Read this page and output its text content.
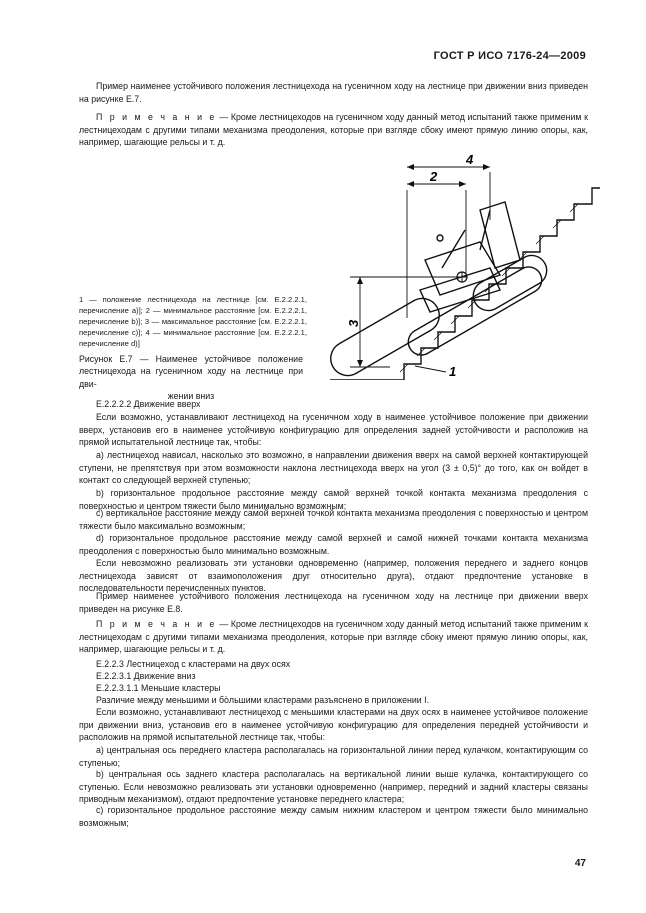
ГОСТ Р ИСО 7176-24—2009

Пример наименее устойчивого положения лестницехода на гусеничном ходу на лестнице при движении вниз приведен на рисунке Е.7.

П р и м е ч а н и е — Кроме лестницеходов на гусеничном ходу данный метод испытаний также применим к лестницеходам с другими типами механизма преодоления, которые при взгляде сбоку имеют прямую линию опоры, как, например, шагающие рельсы и т. д.

2
4
3
1
1 — положение лестницехода на лестнице [см. Е.2.2.2.1, перечисление а)]; 2 — минимальное расстояние [см. Е.2.2.2.1, перечисление b)]; 3 — максимальное расстояние [см. Е.2.2.2.1, перечисление с)]; 4 — минимальное расстояние [см. Е.2.2.2.1, перечисление d)]
Рисунок Е.7 — Наименее устойчивое положение лестницехода на гусеничном ходу на лестнице при дви-
жении вниз

Е.2.2.2.2 Движение вверх

Если возможно, устанавливают лестницеход на гусеничном ходу в наименее устойчивое положение при движении вверх, установив его в наименее устойчивую конфигурацию для определения задней устойчивости и расположив на прямой испытательной лестнице так, чтобы:

а) лестницеход нависал, насколько это возможно, в направлении движения вверх на самой верхней контактирующей ступени, не препятствуя при этом возможности наклона лестницехода вверх на угол (3 ± 0,5)° до того, как он войдет в контакт со следующей верхней ступенью;

b) горизонтальное продольное расстояние между самой верхней точкой контакта механизма преодоления с поверхностью и центром тяжести было минимально возможным;

с) вертикальное расстояние между самой верхней точкой контакта механизма преодоления с поверхностью и центром тяжести было максимально возможным;

d) горизонтальное продольное расстояние между самой верхней и самой нижней точками контакта механизма преодоления с поверхностью было минимально возможным.

Если невозможно реализовать эти установки одновременно (например, положения переднего и заднего концов лестницехода зависят от взаимоположения друг относительно друга), отдают предпочтение установке в последовательности перечисленных пунктов.

Пример наименее устойчивого положения лестницехода на гусеничном ходу на лестнице при движении вверх приведен на рисунке Е.8.

П р и м е ч а н и е — Кроме лестницеходов на гусеничном ходу данный метод испытаний также применим к лестницеходам с другими типами механизма преодоления, которые при взгляде сбоку имеют прямую линию опоры, как, например, шагающие рельсы и т. д.

Е.2.2.3 Лестницеход с кластерами на двух осях

Е.2.2.3.1 Движение вниз

Е.2.2.3.1.1 Меньшие кластеры

Различие между меньшими и бо̀льшими кластерами разъяснено в приложении I.

Если возможно, устанавливают лестницеход с меньшими кластерами на двух осях в наименее устойчивое положение при движении вниз, установив его в наименее устойчивую конфигурацию для определения передней устойчивости и расположив на прямой испытательной лестнице так, чтобы:

а) центральная ось переднего кластера располагалась на горизонтальной линии перед кулачком, контактирующим со ступенью;

b) центральная ось заднего кластера располагалась на вертикальной линии выше кулачка, контактирующего со ступенью. Если невозможно реализовать эти установки одновременно (например, передний и задний кластеры связаны приводным механизмом), отдают предпочтение установке переднего кластера;

с) горизонтальное продольное расстояние между самым нижним кластером и центром тяжести было минимально возможным;

47
